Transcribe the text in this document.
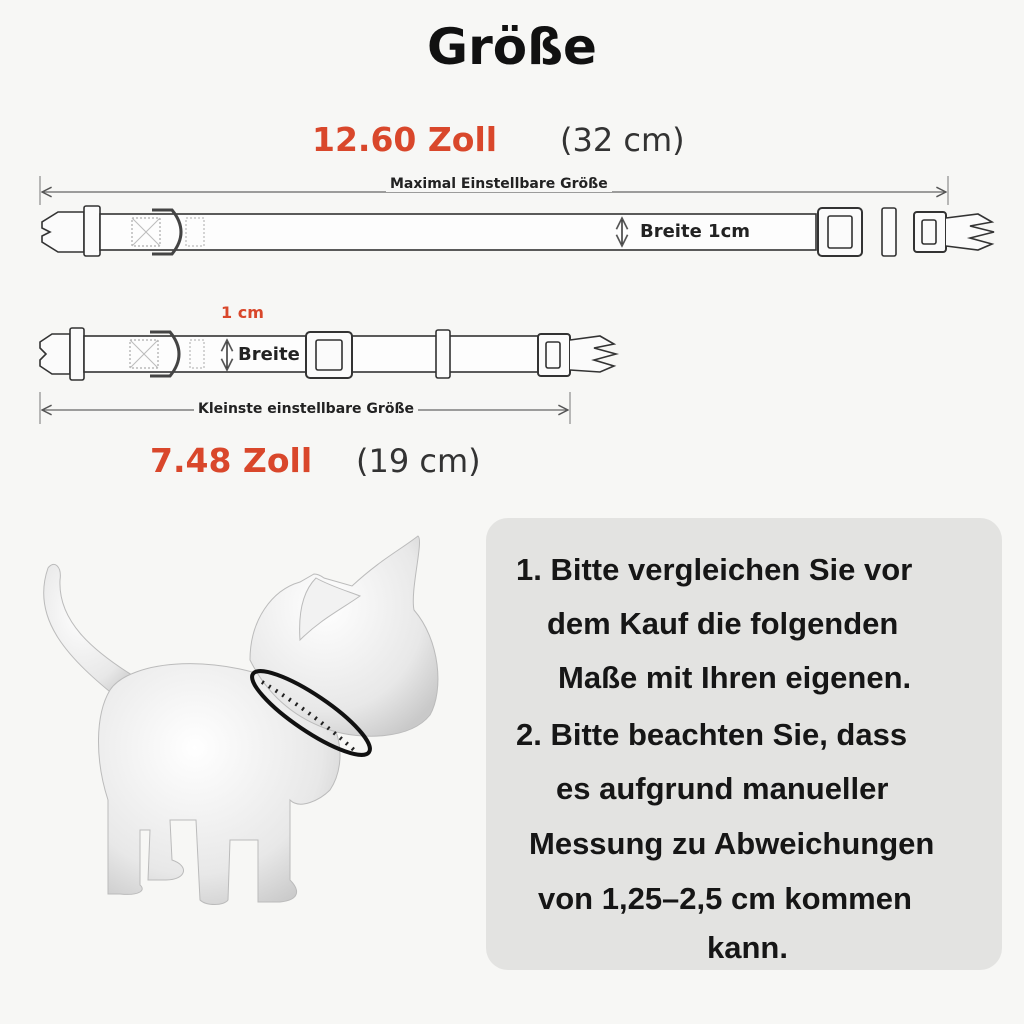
Größe
12.60 Zoll (32 cm)
Maximal Einstellbare Größe
Breite 1cm
1 cm
Breite
Kleinste einstellbare Größe
7.48 Zoll (19 cm)
1. Bitte vergleichen Sie vor
dem Kauf die folgenden
Maße mit Ihren eigenen.
2. Bitte beachten Sie, dass
es aufgrund manueller
Messung zu Abweichungen
von 1,25–2,5 cm kommen
kann.
